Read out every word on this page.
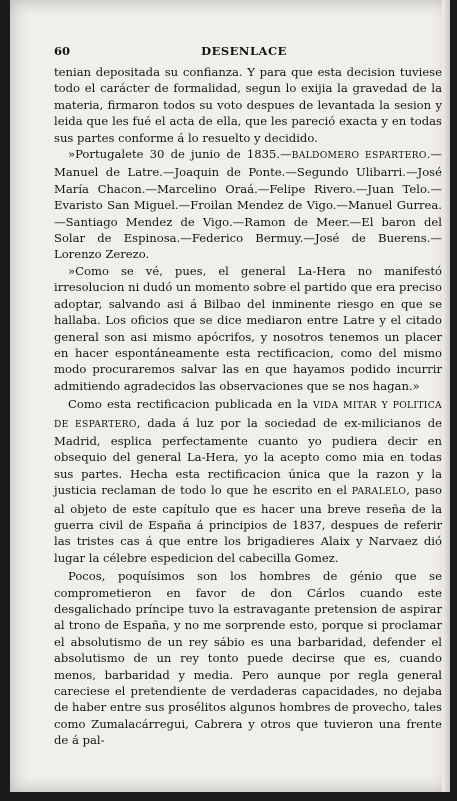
60	DESENLACE

tenian depositada su confianza. Y para que esta decision tuviese todo el carácter de formalidad, segun lo exijia la gravedad de la materia, firmaron todos su voto despues de levantada la sesion y leida que les fué el acta de ella, que les pareció exacta y en todas sus partes conforme á lo resuelto y decidido.

»Portugalete 30 de junio de 1835.—BALDOMERO ESPARTERO.—Manuel de Latre.—Joaquin de Ponte.—Segundo Ulibarri.—José María Chacon.—Marcelino Oraá.—Felipe Rivero.—Juan Telo.—Evaristo San Miguel.—Froilan Mendez de Vigo.—Manuel Gurrea.—Santiago Mendez de Vigo.—Ramon de Meer.—El baron del Solar de Espinosa.—Federico Bermuy.—José de Buerens.—Lorenzo Zerezo.

»Como se vé, pues, el general La-Hera no manifestó irresolucion ni dudó un momento sobre el partido que era preciso adoptar, salvando asi á Bilbao del inminente riesgo en que se hallaba. Los oficios que se dice mediaron entre Latre y el citado general son asi mismo apócrifos, y nosotros tenemos un placer en hacer espontáneamente esta rectificacion, como del mismo modo procuraremos salvar las en que hayamos podido incurrir admitiendo agradecidos las observaciones que se nos hagan.»

Como esta rectificacion publicada en la VIDA MITAR Y POLITICA DE ESPARTERO, dada á luz por la sociedad de ex-milicianos de Madrid, esplica perfectamente cuanto yo pudiera decir en obsequio del general La-Hera, yo la acepto como mia en todas sus partes. Hecha esta rectificacion única que la razon y la justicia reclaman de todo lo que he escrito en el PARALELO, paso al objeto de este capítulo que es hacer una breve reseña de la guerra civil de España á principios de 1837, despues de referir las tristes cas á que entre los brigadieres Alaix y Narvaez dió lugar la célebre espedicion del cabecilla Gomez.

Pocos, poquísimos son los hombres de génio que se comprometieron en favor de don Cárlos cuando este desgalichado príncipe tuvo la estravagante pretension de aspirar al trono de España, y no me sorprende esto, porque si proclamar el absolutismo de un rey sábio es una barbaridad, defender el absolutismo de un rey tonto puede decirse que es, cuando menos, barbaridad y media. Pero aunque por regla general careciese el pretendiente de verdaderas capacidades, no dejaba de haber entre sus prosélitos algunos hombres de provecho, tales como Zumalacárregui, Cabrera y otros que tuvieron una frente de á pal-
